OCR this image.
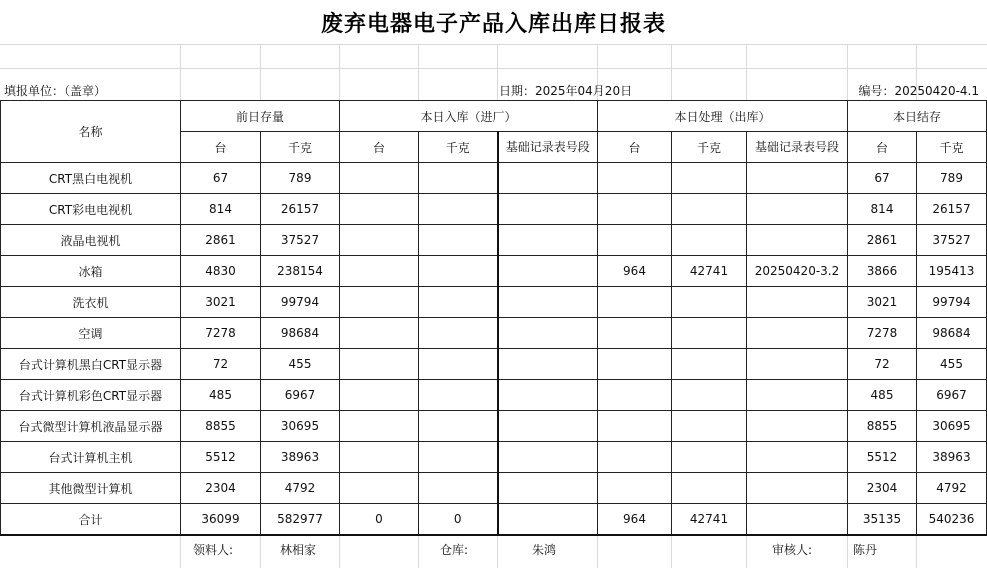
废弃电器电子产品入库出库日报表
填报单位：（盖章）	日期：2025年04月20日	编号：20250420-4.1
名称	前日存量		本日入库（进厂）			本日处理（出库）			本日结存	
	台	千克	台	千克	基础记录表号段	台	千克	基础记录表号段	台	千克
CRT黑白电视机	67	789							67	789
CRT彩电电视机	814	26157							814	26157
液晶电视机	2861	37527							2861	37527
冰箱	4830	238154				964	42741	20250420-3.2	3866	195413
洗衣机	3021	99794							3021	99794
空调	7278	98684							7278	98684
台式计算机黑白CRT显示器	72	455							72	455
台式计算机彩色CRT显示器	485	6967							485	6967
台式微型计算机液晶显示器	8855	30695							8855	30695
台式计算机主机	5512	38963							5512	38963
其他微型计算机	2304	4792							2304	4792
合计	36099	582977	0	0		964	42741		35135	540236
领料人:	林相家	仓库:	朱鸿	审核人:	陈丹
